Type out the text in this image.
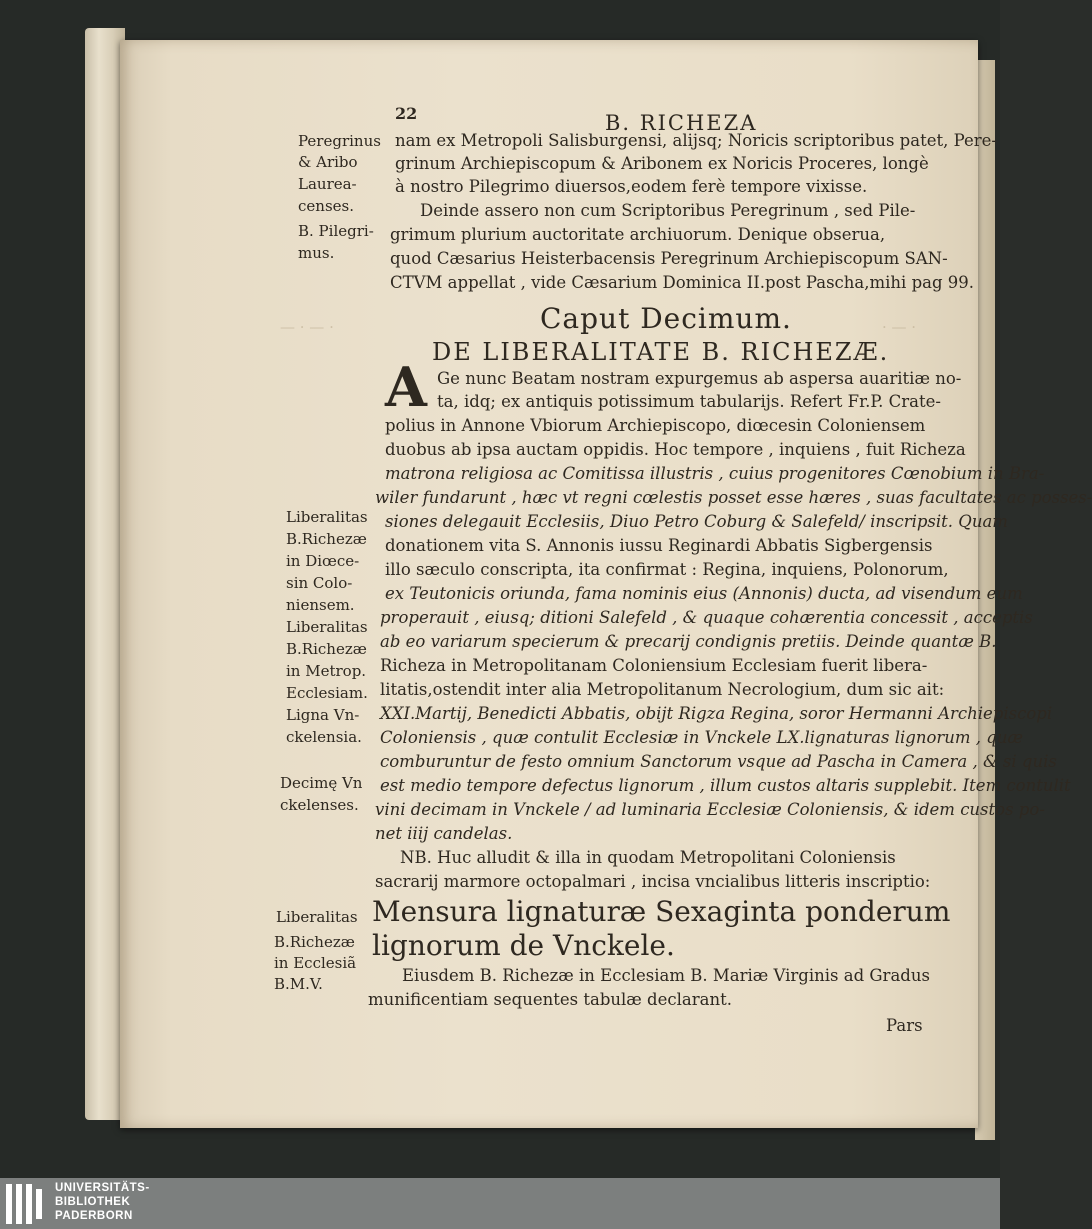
— · — ·	· — ·
22	B. RICHEZA
nam ex Metropoli Salisburgensi, alijsq; Noricis scriptoribus patet, Pere-
grinum Archiepiscopum & Aribonem ex Noricis Proceres, longè
à nostro Pilegrimo diuersos,eodem ferè tempore vixisse.
Deinde assero non cum Scriptoribus Peregrinum , sed Pile-
grimum plurium auctoritate archiuorum. Denique obserua,
quod Cæsarius Heisterbacensis Peregrinum Archiepiscopum SAN-
CTVM appellat , vide Cæsarium Dominica II.post Pascha,mihi pag 99.
Caput Decimum.
DE LIBERALITATE B. RICHEZÆ.
A Ge nunc Beatam nostram expurgemus ab aspersa auaritiæ no-
ta, idq; ex antiquis potissimum tabularijs. Refert Fr.P. Crate-
polius in Annone Vbiorum Archiepiscopo, diœcesin Coloniensem
duobus ab ipsa auctam oppidis. Hoc tempore , inquiens , fuit Richeza
matrona religiosa ac Comitissa illustris , cuius progenitores Cœnobium in Bra-
wiler fundarunt , hæc vt regni cœlestis posset esse hæres , suas facultates ac posses-
siones delegauit Ecclesiis, Diuo Petro Coburg & Salefeld/ inscripsit. Quam
donationem vita S. Annonis iussu Reginardi Abbatis Sigbergensis
illo sæculo conscripta, ita confirmat : Regina, inquiens, Polonorum,
ex Teutonicis oriunda, fama nominis eius (Annonis) ducta, ad visendum eum
properauit , eiusq; ditioni Salefeld , & quaque cohærentia concessit , acceptis
ab eo variarum specierum & precarij condignis pretiis. Deinde quantæ B.
Richeza in Metropolitanam Coloniensium Ecclesiam fuerit libera-
litatis,ostendit inter alia Metropolitanum Necrologium, dum sic ait:
XXI.Martij, Benedicti Abbatis, obijt Rigza Regina, soror Hermanni Archiepiscopi
Coloniensis , quæ contulit Ecclesiæ in Vnckele LX.lignaturas lignorum , quæ
comburuntur de festo omnium Sanctorum vsque ad Pascha in Camera , & si quis
est medio tempore defectus lignorum , illum custos altaris supplebit. Item contulit
vini decimam in Vnckele / ad luminaria Ecclesiæ Coloniensis, & idem custos po-
net iiij candelas.
NB. Huc alludit & illa in quodam Metropolitani Coloniensis
sacrarij marmore octopalmari , incisa vncialibus litteris inscriptio:
Mensura lignaturæ Sexaginta ponderum
lignorum de Vnckele.
Eiusdem B. Richezæ in Ecclesiam B. Mariæ Virginis ad Gradus
munificentiam sequentes tabulæ declarant.
Pars
Peregrinus
& Aribo
Laurea-
censes.
B. Pilegri-
mus.
Liberalitas
B.Richezæ
in Diœce-
sin Colo-
niensem.
Liberalitas
B.Richezæ
in Metrop.
Ecclesiam.
Ligna Vn-
ckelensia.
Decimę Vn
ckelenses.
Liberalitas
B.Richezæ
in Ecclesiã
B.M.V.
UNIVERSITÄTS-
BIBLIOTHEK
PADERBORN
